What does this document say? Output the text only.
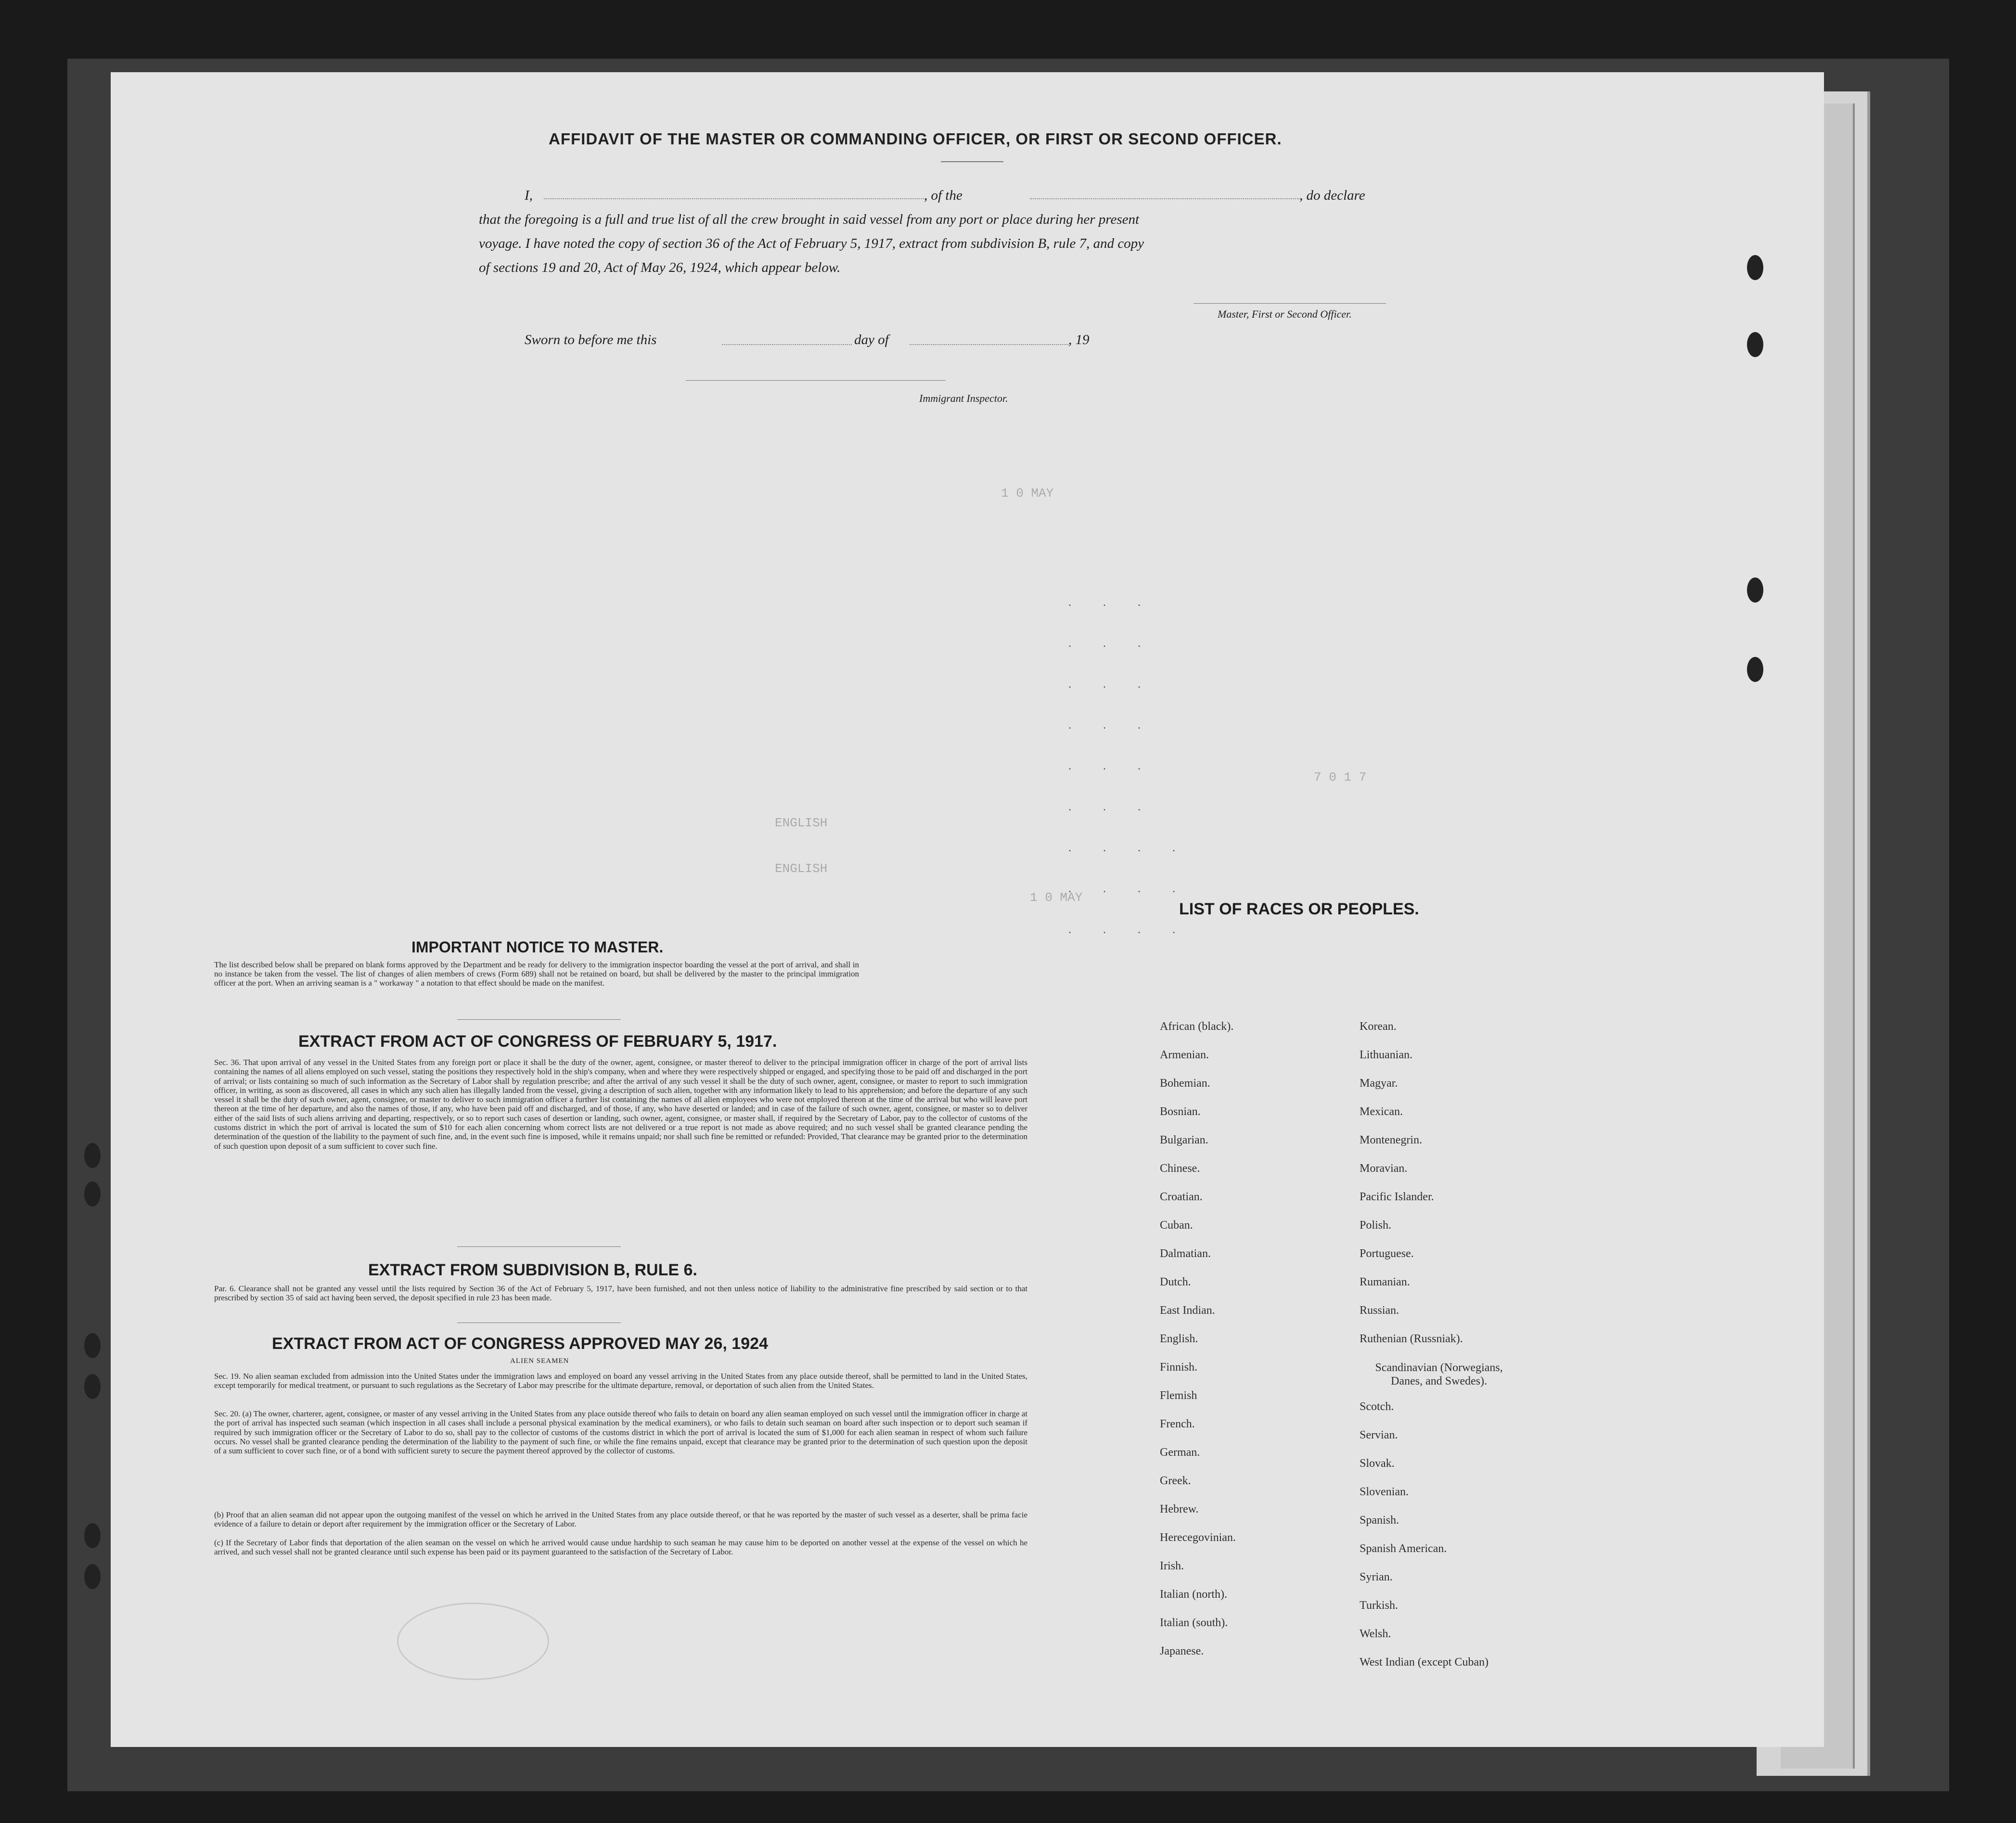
1 0 MAY
1 0 MAY
7 0 1 7
ENGLISH
ENGLISH
AFFIDAVIT OF THE MASTER OR COMMANDING OFFICER, OR FIRST OR SECOND OFFICER.
I,	, of the	, do declare
that the foregoing is a full and true list of all the crew brought in said vessel from any port or place during her present
voyage. I have noted the copy of section 36 of the Act of February 5, 1917, extract from subdivision B, rule 7, and copy
of sections 19 and 20, Act of May 26, 1924, which appear below.
Master, First or Second Officer.
Sworn to before me this	day of	, 19
Immigrant Inspector.
. . .
. . .
. . .
. . .
. . .
. . .
. . . .
. . . .
. . . .
IMPORTANT NOTICE TO MASTER.
The list described below shall be prepared on blank forms approved by the Department and be ready for delivery to the immigration inspector boarding the vessel at the port of arrival, and shall in no instance be taken from the vessel. The list of changes of alien members of crews (Form 689) shall not be retained on board, but shall be delivered by the master to the principal immigration officer at the port. When an arriving seaman is a " workaway " a notation to that effect should be made on the manifest.
EXTRACT FROM ACT OF CONGRESS OF FEBRUARY 5, 1917.
Sec. 36. That upon arrival of any vessel in the United States from any foreign port or place it shall be the duty of the owner, agent, consignee, or master thereof to deliver to the principal immigration officer in charge of the port of arrival lists containing the names of all aliens employed on such vessel, stating the positions they respectively hold in the ship's company, when and where they were respectively shipped or engaged, and specifying those to be paid off and discharged in the port of arrival; or lists containing so much of such information as the Secretary of Labor shall by regulation prescribe; and after the arrival of any such vessel it shall be the duty of such owner, agent, consignee, or master to report to such immigration officer, in writing, as soon as discovered, all cases in which any such alien has illegally landed from the vessel, giving a description of such alien, together with any information likely to lead to his apprehension; and before the departure of any such vessel it shall be the duty of such owner, agent, consignee, or master to deliver to such immigration officer a further list containing the names of all alien employees who were not employed thereon at the time of the arrival but who will leave port thereon at the time of her departure, and also the names of those, if any, who have been paid off and discharged, and of those, if any, who have deserted or landed; and in case of the failure of such owner, agent, consignee, or master so to deliver either of the said lists of such aliens arriving and departing, respectively, or so to report such cases of desertion or landing, such owner, agent, consignee, or master shall, if required by the Secretary of Labor, pay to the collector of customs of the customs district in which the port of arrival is located the sum of $10 for each alien concerning whom correct lists are not delivered or a true report is not made as above required; and no such vessel shall be granted clearance pending the determination of the question of the liability to the payment of such fine, and, in the event such fine is imposed, while it remains unpaid; nor shall such fine be remitted or refunded: Provided, That clearance may be granted prior to the determination of such question upon deposit of a sum sufficient to cover such fine.
EXTRACT FROM SUBDIVISION B, RULE 6.
Par. 6. Clearance shall not be granted any vessel until the lists required by Section 36 of the Act of February 5, 1917, have been furnished, and not then unless notice of liability to the administrative fine prescribed by said section or to that prescribed by section 35 of said act having been served, the deposit specified in rule 23 has been made.
EXTRACT FROM ACT OF CONGRESS APPROVED MAY 26, 1924
ALIEN SEAMEN
Sec. 19. No alien seaman excluded from admission into the United States under the immigration laws and employed on board any vessel arriving in the United States from any place outside thereof, shall be permitted to land in the United States, except temporarily for medical treatment, or pursuant to such regulations as the Secretary of Labor may prescribe for the ultimate departure, removal, or deportation of such alien from the United States.
Sec. 20. (a) The owner, charterer, agent, consignee, or master of any vessel arriving in the United States from any place outside thereof who fails to detain on board any alien seaman employed on such vessel until the immigration officer in charge at the port of arrival has inspected such seaman (which inspection in all cases shall include a personal physical examination by the medical examiners), or who fails to detain such seaman on board after such inspection or to deport such seaman if required by such immigration officer or the Secretary of Labor to do so, shall pay to the collector of customs of the customs district in which the port of arrival is located the sum of $1,000 for each alien seaman in respect of whom such failure occurs. No vessel shall be granted clearance pending the determination of the liability to the payment of such fine, or while the fine remains unpaid, except that clearance may be granted prior to the determination of such question upon the deposit of a sum sufficient to cover such fine, or of a bond with sufficient surety to secure the payment thereof approved by the collector of customs.
(b) Proof that an alien seaman did not appear upon the outgoing manifest of the vessel on which he arrived in the United States from any place outside thereof, or that he was reported by the master of such vessel as a deserter, shall be prima facie evidence of a failure to detain or deport after requirement by the immigration officer or the Secretary of Labor.
(c) If the Secretary of Labor finds that deportation of the alien seaman on the vessel on which he arrived would cause undue hardship to such seaman he may cause him to be deported on another vessel at the expense of the vessel on which he arrived, and such vessel shall not be granted clearance until such expense has been paid or its payment guaranteed to the satisfaction of the Secretary of Labor.
LIST OF RACES OR PEOPLES.
African (black).
Armenian.
Bohemian.
Bosnian.
Bulgarian.
Chinese.
Croatian.
Cuban.
Dalmatian.
Dutch.
East Indian.
English.
Finnish.
Flemish
French.
German.
Greek.
Hebrew.
Herecegovinian.
Irish.
Italian (north).
Italian (south).
Japanese.
Korean.
Lithuanian.
Magyar.
Mexican.
Montenegrin.
Moravian.
Pacific Islander.
Polish.
Portuguese.
Rumanian.
Russian.
Ruthenian (Russniak).
Scandinavian (Norwegians, Danes, and Swedes).
Scotch.
Servian.
Slovak.
Slovenian.
Spanish.
Spanish American.
Syrian.
Turkish.
Welsh.
West Indian (except Cuban)
